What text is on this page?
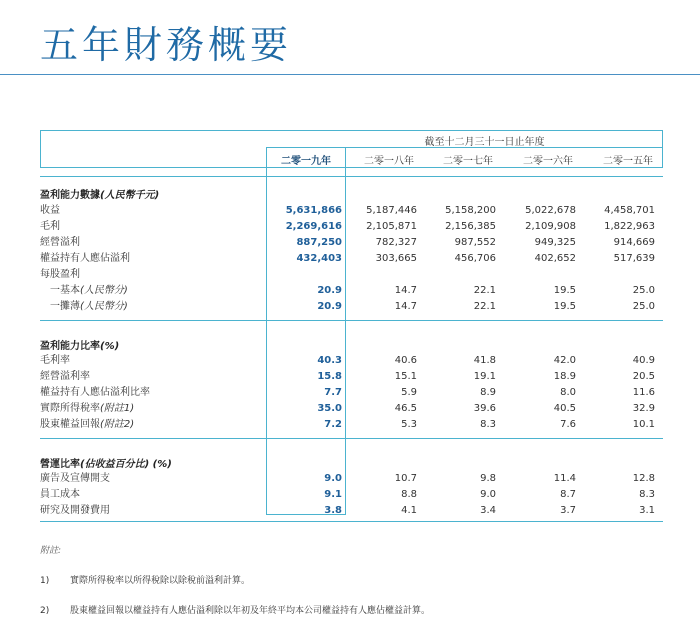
五年財務概要
截至十二月三十一日止年度
二零一九年	二零一八年	二零一七年	二零一六年	二零一五年
盈利能力數據(人民幣千元)
收益	5,631,866	5,187,446	5,158,200	5,022,678	4,458,701
毛利	2,269,616	2,105,871	2,156,385	2,109,908	1,822,963
經營溢利	887,250	782,327	987,552	949,325	914,669
權益持有人應佔溢利	432,403	303,665	456,706	402,652	517,639
每股盈利
一基本(人民幣分)	20.9	14.7	22.1	19.5	25.0
一攤薄(人民幣分)	20.9	14.7	22.1	19.5	25.0
盈利能力比率(%)
毛利率	40.3	40.6	41.8	42.0	40.9
經營溢利率	15.8	15.1	19.1	18.9	20.5
權益持有人應佔溢利比率	7.7	5.9	8.9	8.0	11.6
實際所得稅率(附註1)	35.0	46.5	39.6	40.5	32.9
股東權益回報(附註2)	7.2	5.3	8.3	7.6	10.1
營運比率(佔收益百分比) (%)
廣告及宣傳開支	9.0	10.7	9.8	11.4	12.8
員工成本	9.1	8.8	9.0	8.7	8.3
研究及開發費用	3.8	4.1	3.4	3.7	3.1
附註:
1) 實際所得稅率以所得稅除以除稅前溢利計算。
2) 股東權益回報以權益持有人應佔溢利除以年初及年終平均本公司權益持有人應佔權益計算。
